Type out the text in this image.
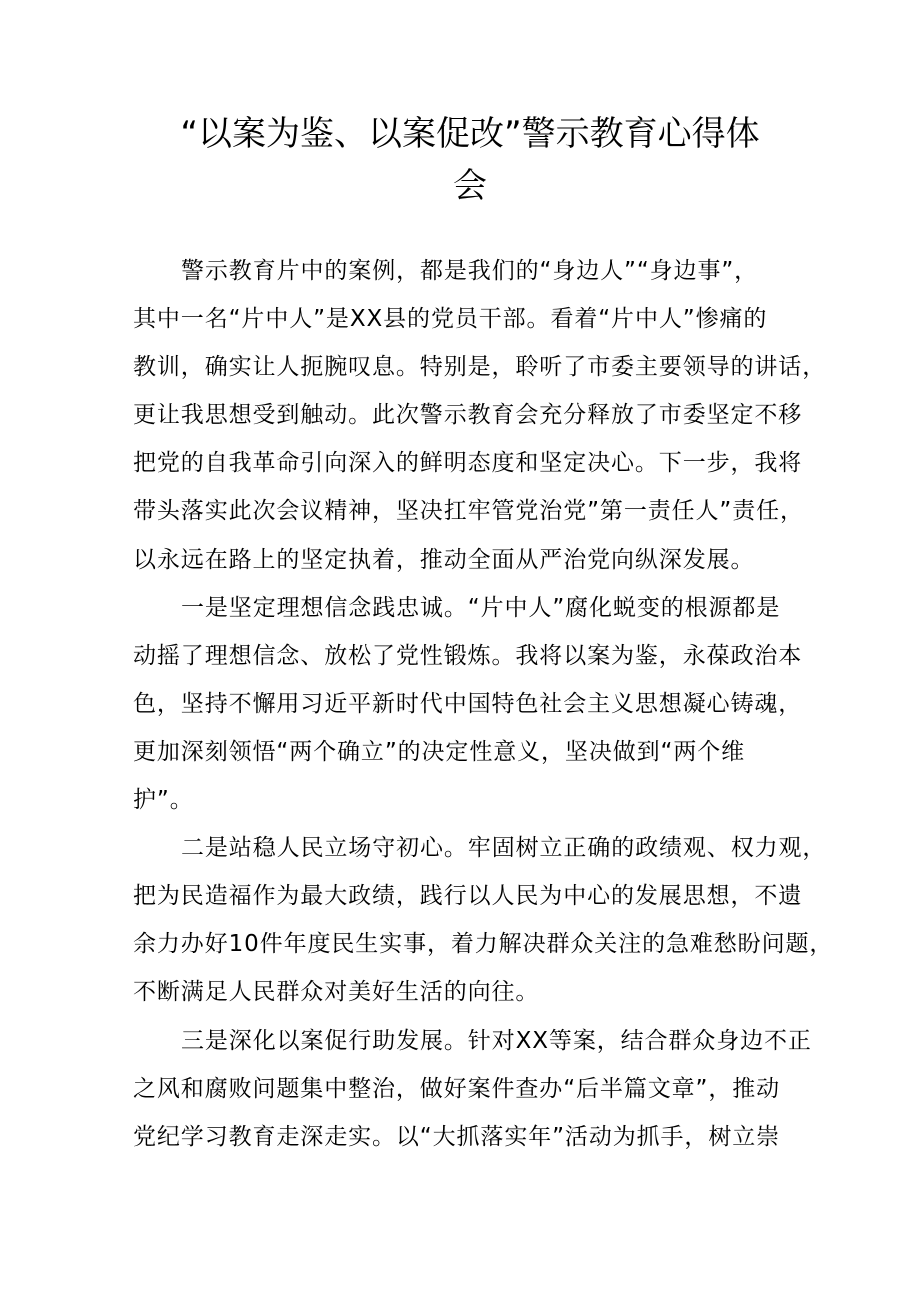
“以案为鉴、以案促改”警示教育心得体
会
警示教育片中的案例，都是我们的“身边人”“身边事”，
其中一名“片中人”是XX县的党员干部。看着“片中人”惨痛的
教训，确实让人扼腕叹息。特别是，聆听了市委主要领导的讲话，
更让我思想受到触动。此次警示教育会充分释放了市委坚定不移
把党的自我革命引向深入的鲜明态度和坚定决心。下一步，我将
带头落实此次会议精神，坚决扛牢管党治党”第一责任人”责任，
以永远在路上的坚定执着，推动全面从严治党向纵深发展。
一是坚定理想信念践忠诚。“片中人”腐化蜕变的根源都是
动摇了理想信念、放松了党性锻炼。我将以案为鉴，永葆政治本
色，坚持不懈用习近平新时代中国特色社会主义思想凝心铸魂，
更加深刻领悟“两个确立”的决定性意义，坚决做到“两个维
护”。
二是站稳人民立场守初心。牢固树立正确的政绩观、权力观，
把为民造福作为最大政绩，践行以人民为中心的发展思想，不遗
余力办好10件年度民生实事，着力解决群众关注的急难愁盼问题，
不断满足人民群众对美好生活的向往。
三是深化以案促行助发展。针对XX等案，结合群众身边不正
之风和腐败问题集中整治，做好案件查办“后半篇文章”，推动
党纪学习教育走深走实。以“大抓落实年”活动为抓手，树立崇
